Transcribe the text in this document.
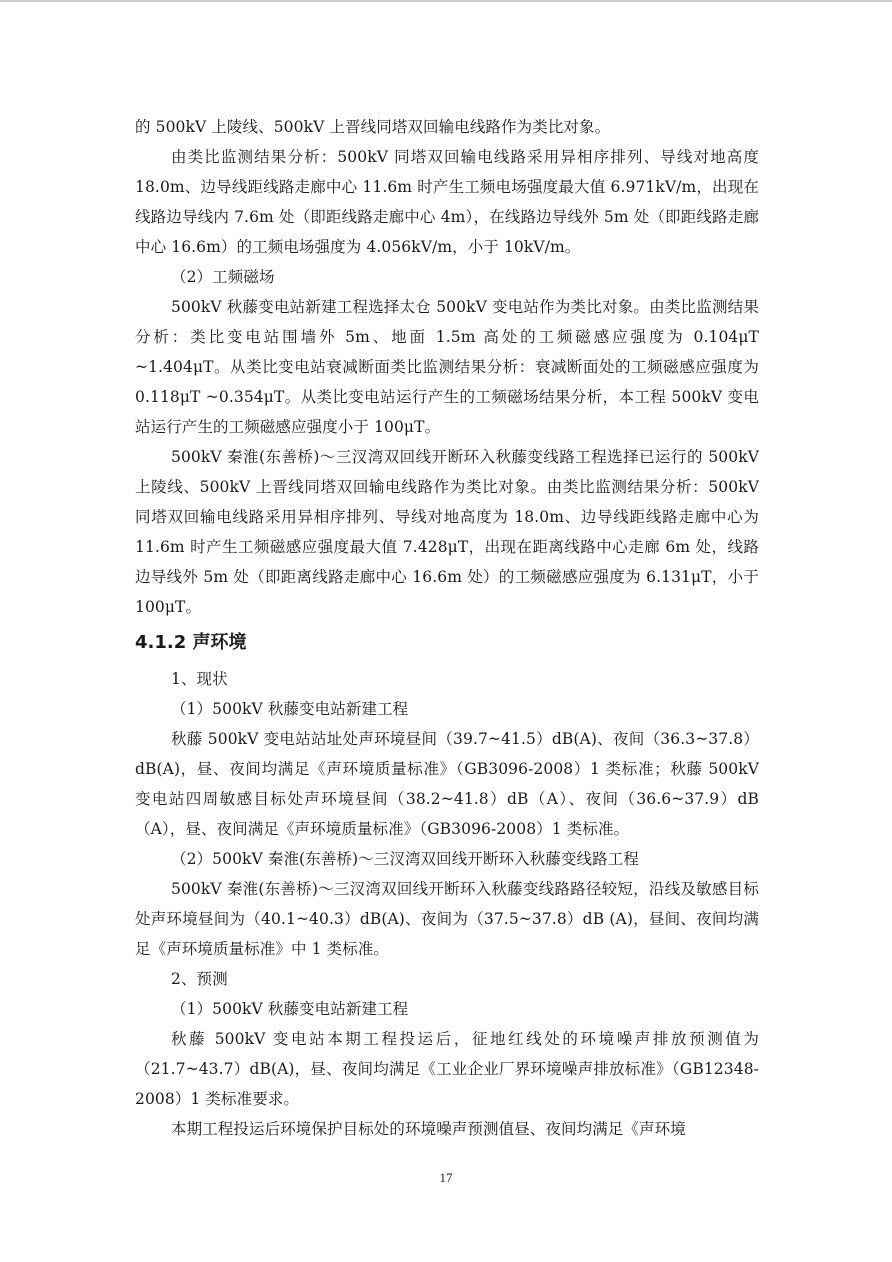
的 500kV 上陵线、500kV 上晋线同塔双回输电线路作为类比对象。

由类比监测结果分析：500kV 同塔双回输电线路采用异相序排列、导线对地高度 18.0m、边导线距线路走廊中心 11.6m 时产生工频电场强度最大值 6.971kV/m，出现在线路边导线内 7.6m 处（即距线路走廊中心 4m），在线路边导线外 5m 处（即距线路走廊中心 16.6m）的工频电场强度为 4.056kV/m，小于 10kV/m。

（2）工频磁场

500kV 秋藤变电站新建工程选择太仓 500kV 变电站作为类比对象。由类比监测结果分析：类比变电站围墙外 5m、地面 1.5m 高处的工频磁感应强度为 0.104μT ~1.404μT。从类比变电站衰减断面类比监测结果分析：衰减断面处的工频磁感应强度为 0.118μT ~0.354μT。从类比变电站运行产生的工频磁场结果分析，本工程 500kV 变电站运行产生的工频磁感应强度小于 100μT。

500kV 秦淮(东善桥)～三汊湾双回线开断环入秋藤变线路工程选择已运行的 500kV 上陵线、500kV 上晋线同塔双回输电线路作为类比对象。由类比监测结果分析：500kV 同塔双回输电线路采用异相序排列、导线对地高度为 18.0m、边导线距线路走廊中心为 11.6m 时产生工频磁感应强度最大值 7.428μT，出现在距离线路中心走廊 6m 处，线路边导线外 5m 处（即距离线路走廊中心 16.6m 处）的工频磁感应强度为 6.131μT，小于 100μT。

4.1.2 声环境

1、现状

（1）500kV 秋藤变电站新建工程

秋藤 500kV 变电站站址处声环境昼间（39.7~41.5）dB(A)、夜间（36.3~37.8）dB(A)，昼、夜间均满足《声环境质量标准》（GB3096-2008）1 类标准；秋藤 500kV 变电站四周敏感目标处声环境昼间（38.2~41.8）dB（A）、夜间（36.6~37.9）dB（A），昼、夜间满足《声环境质量标准》（GB3096-2008）1 类标准。

（2）500kV 秦淮(东善桥)～三汊湾双回线开断环入秋藤变线路工程

500kV 秦淮(东善桥)～三汊湾双回线开断环入秋藤变线路路径较短，沿线及敏感目标处声环境昼间为（40.1~40.3）dB(A)、夜间为（37.5~37.8）dB (A)，昼间、夜间均满足《声环境质量标准》中 1 类标准。

2、预测

（1）500kV 秋藤变电站新建工程

秋藤 500kV 变电站本期工程投运后，征地红线处的环境噪声排放预测值为（21.7~43.7）dB(A)，昼、夜间均满足《工业企业厂界环境噪声排放标准》（GB12348-2008）1 类标准要求。

本期工程投运后环境保护目标处的环境噪声预测值昼、夜间均满足《声环境

17
